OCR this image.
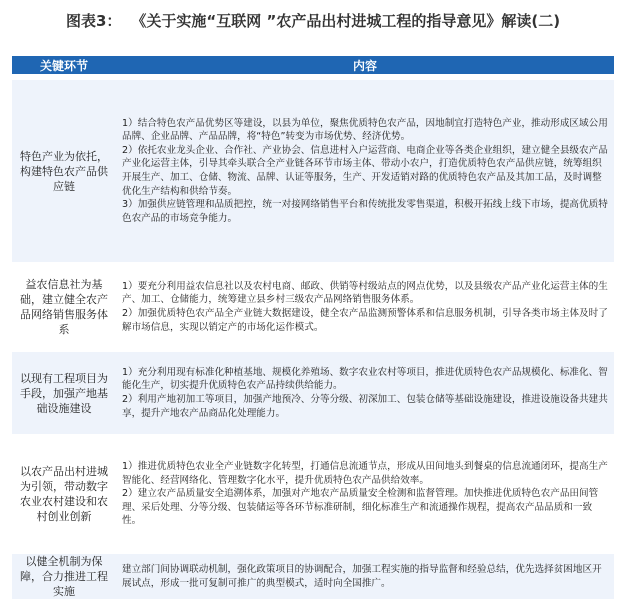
图表3： 《关于实施“互联网 ”农产品出村进城工程的指导意见》解读(二)
关键环节	内容

特色产业为依托，构建特色农产品供应链	1）结合特色农产品优势区等建设，以县为单位，聚焦优质特色农产品，因地制宜打造特色产业，推动形成区域公用品牌、企业品牌、产品品牌，将“特色”转变为市场优势、经济优势。

2）依托农业龙头企业、合作社、产业协会、信息进村入户运营商、电商企业等各类企业组织，建立健全县级农产品产业化运营主体，引导其牵头联合全产业链各环节市场主体、带动小农户，打造优质特色农产品供应链，统筹组织开展生产、加工、仓储、物流、品牌、认证等服务，生产、开发适销对路的优质特色农产品及其加工品，及时调整优化生产结构和供给节奏。

3）加强供应链管理和品质把控，统一对接网络销售平台和传统批发零售渠道，积极开拓线上线下市场，提高优质特色农产品的市场竞争能力。

益农信息社为基础，建立健全农产品网络销售服务体系	1）要充分利用益农信息社以及农村电商、邮政、供销等村级站点的网点优势，以及县级农产品产业化运营主体的生产、加工、仓储能力，统筹建立县乡村三级农产品网络销售服务体系。

2）加强优质特色农产品全产业链大数据建设，健全农产品监测预警体系和信息服务机制，引导各类市场主体及时了解市场信息，实现以销定产的市场化运作模式。

以现有工程项目为手段，加强产地基础设施建设	1）充分利用现有标准化种植基地、规模化养殖场、数字农业农村等项目，推进优质特色农产品规模化、标准化、智能化生产，切实提升优质特色农产品持续供给能力。

2）利用产地初加工等项目，加强产地预冷、分等分级、初深加工、包装仓储等基础设施建设，推进设施设备共建共享，提升产地农产品商品化处理能力。

以农产品出村进城为引领，带动数字农业农村建设和农村创业创新	1）推进优质特色农业全产业链数字化转型，打通信息流通节点，形成从田间地头到餐桌的信息流通闭环，提高生产智能化、经营网络化、管理数字化水平，提升优质特色农产品供给效率。

2）建立农产品质量安全追溯体系，加强对产地农产品质量安全检测和监督管理。加快推进优质特色农产品田间管理、采后处理、分等分级、包装储运等各环节标准研制，细化标准生产和流通操作规程，提高农产品品质和一致性。

以健全机制为保障，合力推进工程实施	建立部门间协调联动机制，强化政策项目的协调配合，加强工程实施的指导监督和经验总结，优先选择贫困地区开展试点，形成一批可复制可推广的典型模式，适时向全国推广。
